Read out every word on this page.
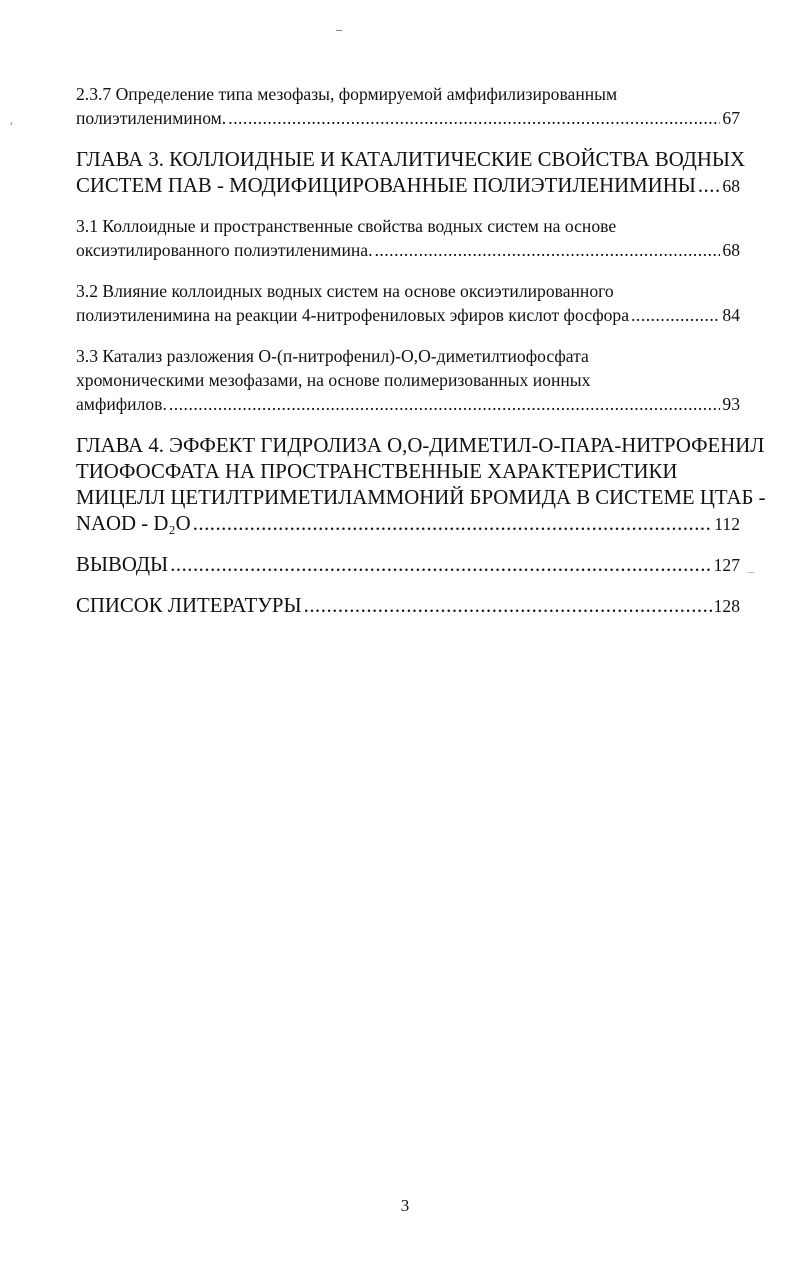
׳
2.3.7 Определение типа мезофазы, формируемой амфифилизированным
полиэтиленимином. .....	67
ГЛАВА 3. КОЛЛОИДНЫЕ И КАТАЛИТИЧЕСКИЕ СВОЙСТВА ВОДНЫХ
СИСТЕМ ПАВ - МОДИФИЦИРОВАННЫЕ ПОЛИЭТИЛЕНИМИНЫ ..... 68
3.1 Коллоидные и пространственные свойства водных систем на основе
оксиэтилированного полиэтиленимина. .....	68
3.2 Влияние коллоидных водных систем на основе оксиэтилированного
полиэтиленимина на реакции 4-нитрофениловых эфиров кислот фосфора .....	84
3.3 Катализ разложения О-(п-нитрофенил)-О,О-диметилтиофосфата
хромоническими мезофазами, на основе полимеризованных ионных
амфифилов. .....	93
ГЛАВА 4. ЭФФЕКТ ГИДРОЛИЗА О,О-ДИМЕТИЛ-О-ПАРА-НИТРОФЕНИЛ
ТИОФОСФАТА НА ПРОСТРАНСТВЕННЫЕ ХАРАКТЕРИСТИКИ
МИЦЕЛЛ ЦЕТИЛТРИМЕТИЛАММОНИЙ БРОМИДА В СИСТЕМЕ ЦТАБ -
NAOD - D₂O .....	112
ВЫВОДЫ .....	127
СПИСОК ЛИТЕРАТУРЫ .....	128
3
